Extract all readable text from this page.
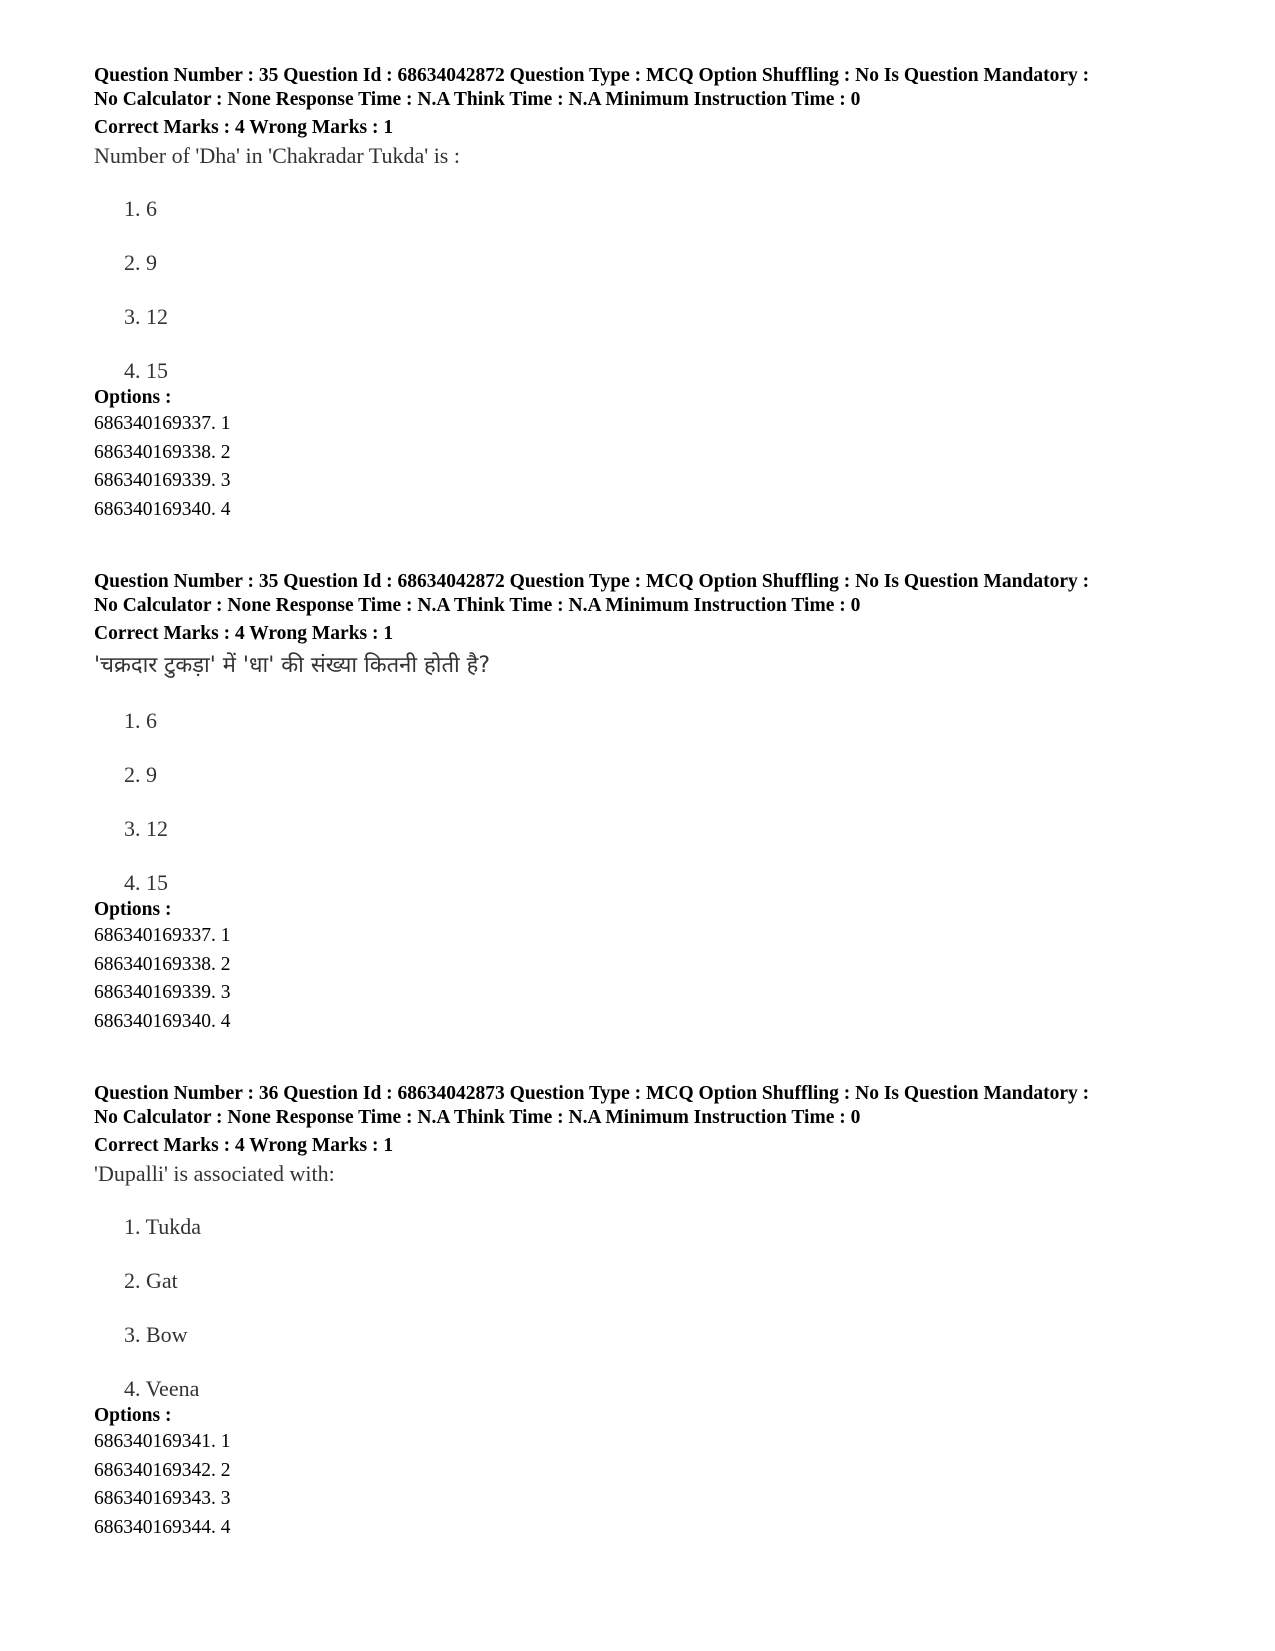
Question Number : 35 Question Id : 68634042872 Question Type : MCQ Option Shuffling : No Is Question Mandatory :
No Calculator : None Response Time : N.A Think Time : N.A Minimum Instruction Time : 0
Correct Marks : 4 Wrong Marks : 1
Number of 'Dha' in 'Chakradar Tukda' is :
1. 6
2. 9
3. 12
4. 15
Options :
686340169337. 1
686340169338. 2
686340169339. 3
686340169340. 4
Question Number : 35 Question Id : 68634042872 Question Type : MCQ Option Shuffling : No Is Question Mandatory :
No Calculator : None Response Time : N.A Think Time : N.A Minimum Instruction Time : 0
Correct Marks : 4 Wrong Marks : 1
'चक्रदार टुकड़ा' में 'धा' की संख्या कितनी होती है?
1. 6
2. 9
3. 12
4. 15
Options :
686340169337. 1
686340169338. 2
686340169339. 3
686340169340. 4
Question Number : 36 Question Id : 68634042873 Question Type : MCQ Option Shuffling : No Is Question Mandatory :
No Calculator : None Response Time : N.A Think Time : N.A Minimum Instruction Time : 0
Correct Marks : 4 Wrong Marks : 1
'Dupalli' is associated with:
1. Tukda
2. Gat
3. Bow
4. Veena
Options :
686340169341. 1
686340169342. 2
686340169343. 3
686340169344. 4
